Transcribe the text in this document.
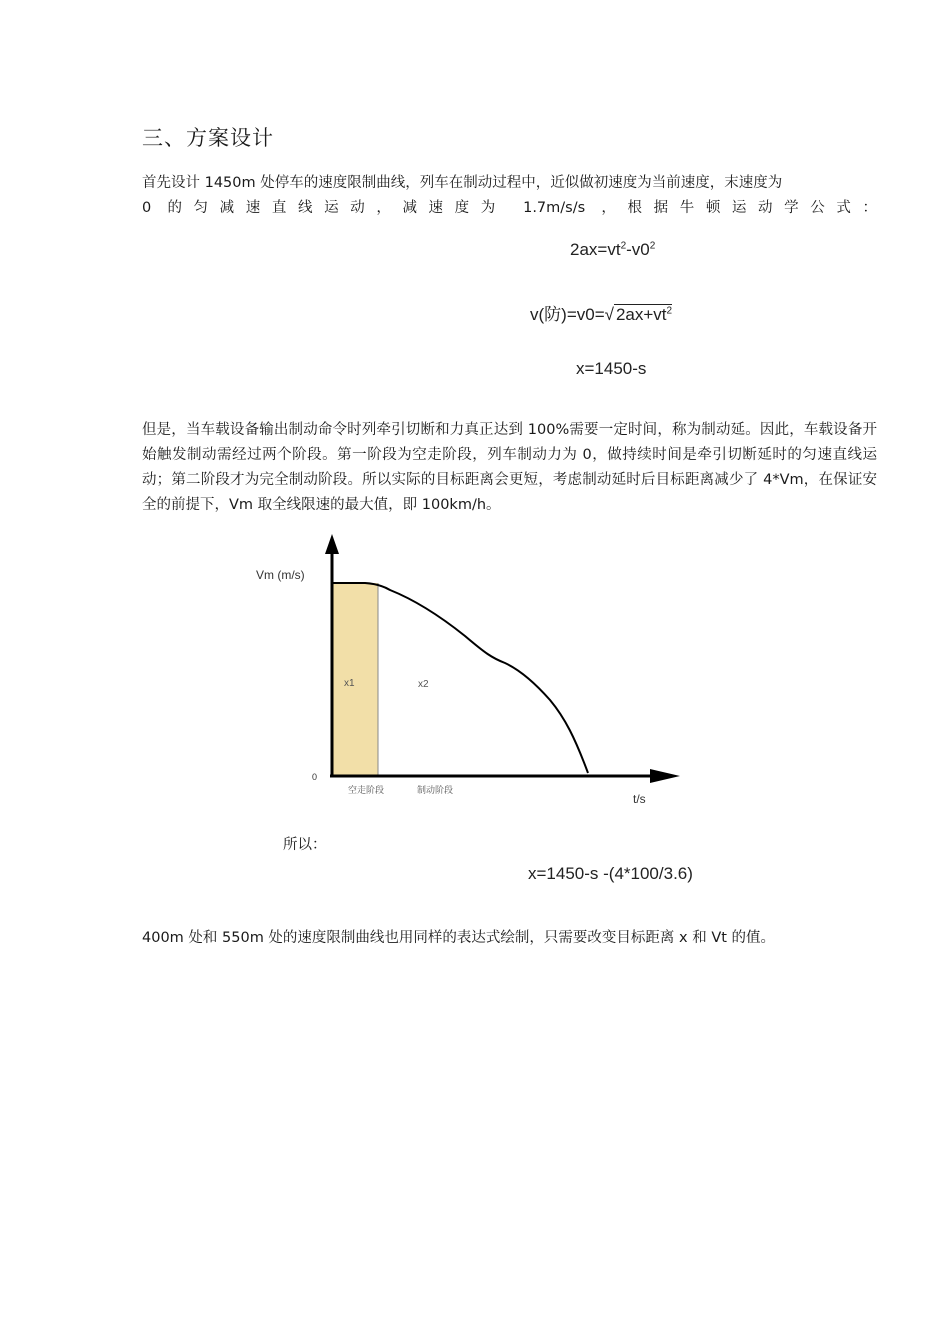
三、方案设计
首先设计 1450m 处停车的速度限制曲线，列车在制动过程中，近似做初速度为当前速度，末速度为
0 的匀减速直线运动，减速度为 1.7m/s/s ，根据牛顿运动学公式：
$2ax=vt^2-v0^2$
v(防)=v0=√ $2ax+vt^2$
x=1450-s
但是，当车载设备输出制动命令时列牵引切断和力真正达到 100%需要一定时间，称为制动延。因此，车载设备开始触发制动需经过两个阶段。第一阶段为空走阶段，列车制动力为 0，做持续时间是牵引切断延时的匀速直线运动；第二阶段才为完全制动阶段。所以实际的目标距离会更短，考虑制动延时后目标距离减少了 4*Vm，在保证安全的前提下，Vm 取全线限速的最大值，即 100km/h。
Vm (m/s)
0
x1	x2
空走阶段	制动阶段
t/s
所以：
x=1450-s -(4*100/3.6)
400m 处和 550m 处的速度限制曲线也用同样的表达式绘制，只需要改变目标距离 x 和 Vt 的值。
